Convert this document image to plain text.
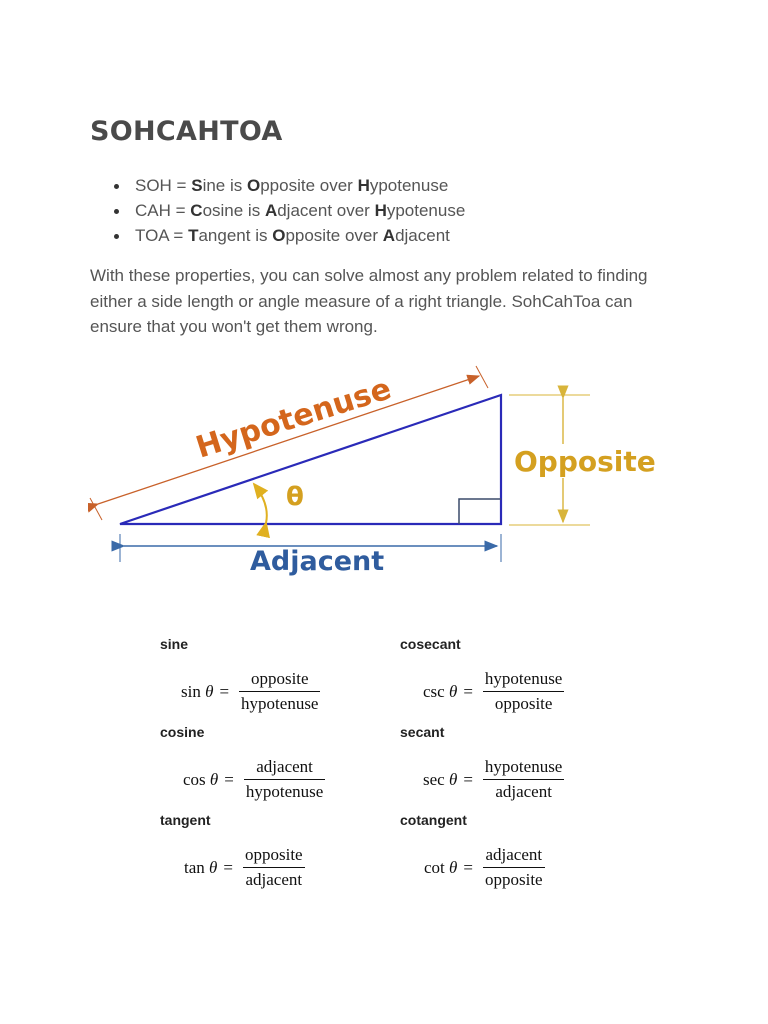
SOHCAHTOA
SOH = Sine is Opposite over Hypotenuse
CAH = Cosine is Adjacent over Hypotenuse
TOA = Tangent is Opposite over Adjacent

With these properties, you can solve almost any problem related to finding either a side length or angle measure of a right triangle. SohCahToa can ensure that you won't get them wrong.

Hypotenuse
θ
Opposite
Adjacent
sine
$\sin \theta = \frac{\text{opposite}}{\text{hypotenuse}}$
cosecant
$\csc \theta = \frac{\text{hypotenuse}}{\text{opposite}}$
cosine
$\cos \theta = \frac{\text{adjacent}}{\text{hypotenuse}}$
secant
$\sec \theta = \frac{\text{hypotenuse}}{\text{adjacent}}$
tangent
$\tan \theta = \frac{\text{opposite}}{\text{adjacent}}$
cotangent
$\cot \theta = \frac{\text{adjacent}}{\text{opposite}}$
